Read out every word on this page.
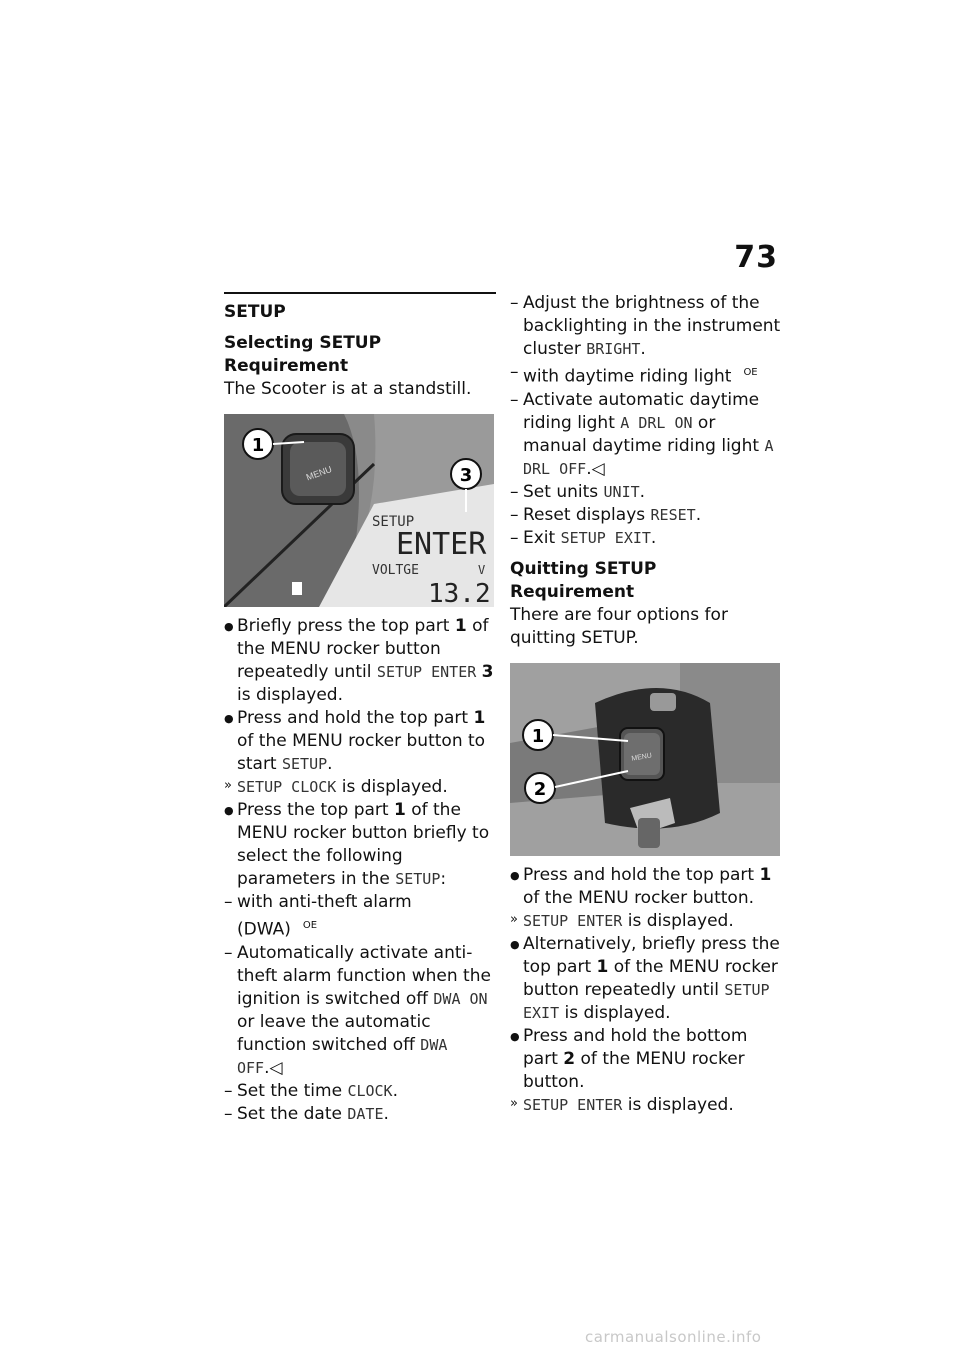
73
SETUP
Selecting SETUP
Requirement
The Scooter is at a standstill.
MENU
1
3
SETUP
ENTER
VOLTGE	V
13.2
● Briefly press the top part 1 of the MENU rocker button repeatedly until SETUP ENTER 3 is displayed.
● Press and hold the top part 1 of the MENU rocker button to start SETUP.
» SETUP CLOCK is displayed.
● Press the top part 1 of the MENU rocker button briefly to select the following parameters in the SETUP:
– with anti-theft alarm (DWA) $^{OE}$
– Automatically activate anti-theft alarm function when the ignition is switched off DWA ON or leave the automatic function switched off DWA OFF.◁
– Set the time CLOCK.
– Set the date DATE.
– Adjust the brightness of the backlighting in the instrument cluster BRIGHT.
– with daytime riding light $^{OE}$
– Activate automatic daytime riding light A DRL ON or manual daytime riding light A DRL OFF.◁
– Set units UNIT.
– Reset displays RESET.
– Exit SETUP EXIT.
Quitting SETUP
Requirement
There are four options for quitting SETUP.
MENU
1
2
● Press and hold the top part 1 of the MENU rocker button.
» SETUP ENTER is displayed.
● Alternatively, briefly press the top part 1 of the MENU rocker button repeatedly until SETUP EXIT is displayed.
● Press and hold the bottom part 2 of the MENU rocker button.
» SETUP ENTER is displayed.
carmanualsonline.info
